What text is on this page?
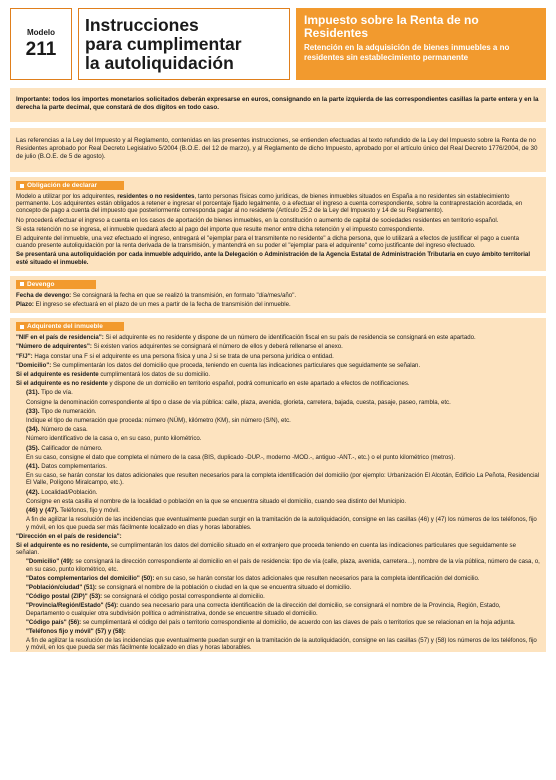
Modelo
211
Instrucciones
para cumplimentar
la autoliquidación
Impuesto sobre la Renta de no Residentes
Retención en la adquisición de bienes inmuebles a no residentes sin establecimiento permanente
Importante: todos los importes monetarios solicitados deberán expresarse en euros, consignando en la parte izquierda de las correspondientes casillas la parte entera y en la derecha la parte decimal, que constará de dos dígitos en todo caso.
Las referencias a la Ley del Impuesto y al Reglamento, contenidas en las presentes instrucciones, se entienden efectuadas al texto refundido de la Ley del Impuesto sobre la Renta de no Residentes aprobado por Real Decreto Legislativo 5/2004 (B.O.E. del 12 de marzo), y al Reglamento de dicho Impuesto, aprobado por el artículo único del Real Decreto 1776/2004, de 30 de julio (B.O.E. de 5 de agosto).
Obligación de declarar

Modelo a utilizar por los adquirentes, residentes o no residentes, tanto personas físicas como jurídicas, de bienes inmuebles situados en España a no residentes sin establecimiento permanente. Los adquirentes están obligados a retener e ingresar el porcentaje fijado legalmente, o a efectuar el ingreso a cuenta correspondiente, sobre la contraprestación acordada, en concepto de pago a cuenta del impuesto que posteriormente corresponda pagar al no residente (Artículo 25.2 de la Ley del Impuesto y 14 de su Reglamento).

No procederá efectuar el ingreso a cuenta en los casos de aportación de bienes inmuebles, en la constitución o aumento de capital de sociedades residentes en territorio español.

Si esta retención no se ingresa, el inmueble quedará afecto al pago del importe que resulte menor entre dicha retención y el impuesto correspondiente.

El adquirente del inmueble, una vez efectuado el ingreso, entregará el "ejemplar para el transmitente no residente" a dicha persona, que lo utilizará a efectos de justificar el pago a cuenta cuando presente autoliquidación por la renta derivada de la transmisión, y mantendrá en su poder el "ejemplar para el adquirente" como justificante del ingreso efectuado.

Se presentará una autoliquidación por cada inmueble adquirido, ante la Delegación o Administración de la Agencia Estatal de Administración Tributaria en cuyo ámbito territorial esté situado el inmueble.

Devengo

Fecha de devengo: Se consignará la fecha en que se realizó la transmisión, en formato "día/mes/año".

Plazo: El ingreso se efectuará en el plazo de un mes a partir de la fecha de transmisión del inmueble.

Adquirente del inmueble

"NIF en el país de residencia": Si el adquirente es no residente y dispone de un número de identificación fiscal en su país de residencia se consignará en este apartado.

"Número de adquirentes": Si existen varios adquirentes se consignará el número de ellos y deberá rellenarse el anexo.

"F/J": Haga constar una F si el adquirente es una persona física y una J si se trata de una persona jurídica o entidad.

"Domicilio": Se cumplimentarán los datos del domicilio que proceda, teniendo en cuenta las indicaciones particulares que seguidamente se señalan.

Si el adquirente es residente cumplimentará los datos de su domicilio.

Si el adquirente es no residente y dispone de un domicilio en territorio español, podrá comunicarlo en este apartado a efectos de notificaciones.

(31). Tipo de vía.

Consigne la denominación correspondiente al tipo o clase de vía pública: calle, plaza, avenida, glorieta, carretera, bajada, cuesta, pasaje, paseo, rambla, etc.

(33). Tipo de numeración.

Indique el tipo de numeración que proceda: número (NÚM), kilómetro (KM), sin número (S/N), etc.

(34). Número de casa.

Número identificativo de la casa o, en su caso, punto kilométrico.

(35). Calificador de número.

En su caso, consigne el dato que completa el número de la casa (BIS, duplicado -DUP.-, moderno -MOD.-, antiguo -ANT.-, etc.) o el punto kilométrico (metros).

(41). Datos complementarios.

En su caso, se harán constar los datos adicionales que resulten necesarios para la completa identificación del domicilio (por ejemplo: Urbanización El Alcotán, Edificio La Peñota, Residencial El Valle, Polígono Miralcampo, etc.).

(42). Localidad/Población.

Consigne en esta casilla el nombre de la localidad o población en la que se encuentra situado el domicilio, cuando sea distinto del Municipio.

(46) y (47). Teléfonos, fijo y móvil.

A fin de agilizar la resolución de las incidencias que eventualmente puedan surgir en la tramitación de la autoliquidación, consigne en las casillas (46) y (47) los números de los teléfonos, fijo y móvil, en los que pueda ser más fácilmente localizado en días y horas laborables.

"Dirección en el país de residencia":

Si el adquirente es no residente, se cumplimentarán los datos del domicilio situado en el extranjero que proceda teniendo en cuenta las indicaciones particulares que seguidamente se señalan.

"Domicilio" (49): se consignará la dirección correspondiente al domicilio en el país de residencia: tipo de vía (calle, plaza, avenida, carretera...), nombre de la vía pública, número de casa, o, en su caso, punto kilométrico, etc.

"Datos complementarios del domicilio" (50): en su caso, se harán constar los datos adicionales que resulten necesarios para la completa identificación del domicilio.

"Población/ciudad" (51): se consignará el nombre de la población o ciudad en la que se encuentra situado el domicilio.

"Código postal (ZIP)" (53): se consignará el código postal correspondiente al domicilio.

"Provincia/Región/Estado" (54): cuando sea necesario para una correcta identificación de la dirección del domicilio, se consignará el nombre de la Provincia, Región, Estado, Departamento o cualquier otra subdivisión política o administrativa, donde se encuentre situado el domicilio.

"Código país" (56): se cumplimentará el código del país o territorio correspondiente al domicilio, de acuerdo con las claves de país o territorios que se relacionan en la hoja adjunta.

"Teléfonos fijo y móvil" (57) y (58):

A fin de agilizar la resolución de las incidencias que eventualmente puedan surgir en la tramitación de la autoliquidación, consigne en las casillas (57) y (58) los números de los teléfonos, fijo y móvil, en los que pueda ser más fácilmente localizado en días y horas laborables.
